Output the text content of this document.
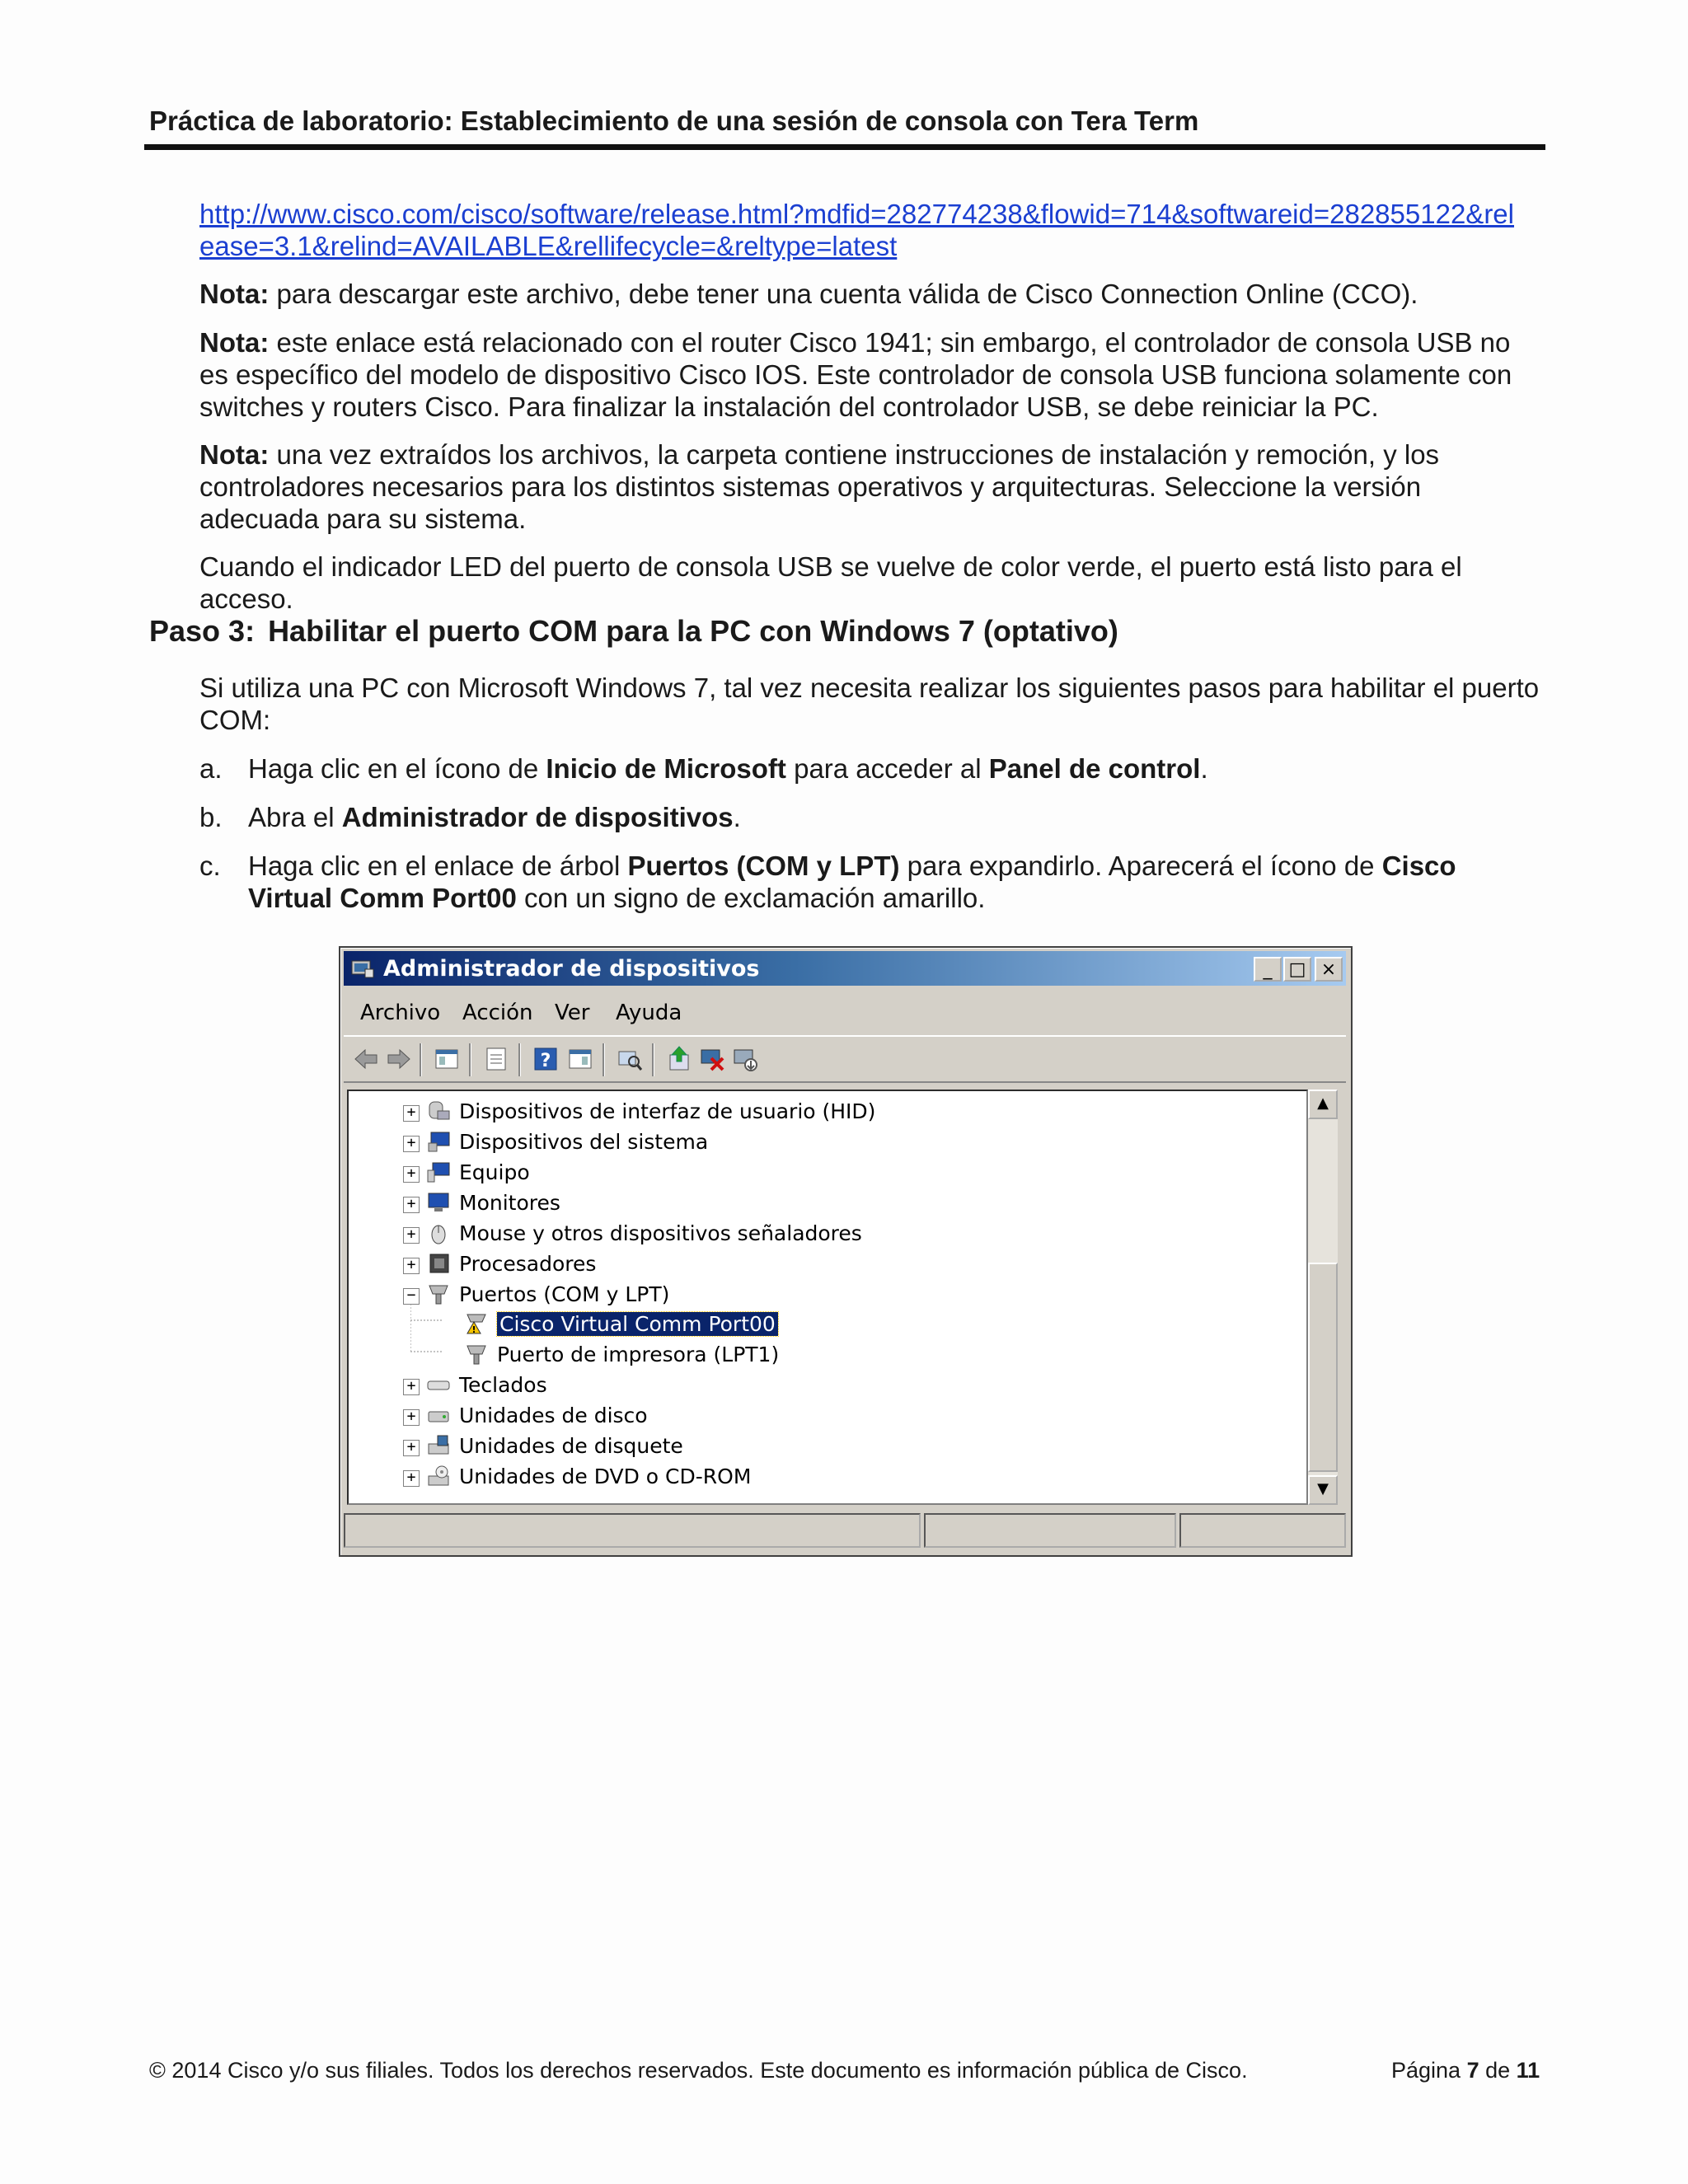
Práctica de laboratorio: Establecimiento de una sesión de consola con Tera Term
http://www.cisco.com/cisco/software/release.html?mdfid=282774238&flowid=714&softwareid=282855122&rel
ease=3.1&relind=AVAILABLE&rellifecycle=&reltype=latest
Nota: para descargar este archivo, debe tener una cuenta válida de Cisco Connection Online (CCO).
Nota: este enlace está relacionado con el router Cisco 1941; sin embargo, el controlador de consola USB no es específico del modelo de dispositivo Cisco IOS. Este controlador de consola USB funciona solamente con switches y routers Cisco. Para finalizar la instalación del controlador USB, se debe reiniciar la PC.
Nota: una vez extraídos los archivos, la carpeta contiene instrucciones de instalación y remoción, y los controladores necesarios para los distintos sistemas operativos y arquitecturas. Seleccione la versión adecuada para su sistema.
Cuando el indicador LED del puerto de consola USB se vuelve de color verde, el puerto está listo para el acceso.
Paso 3: Habilitar el puerto COM para la PC con Windows 7 (optativo)
Si utiliza una PC con Microsoft Windows 7, tal vez necesita realizar los siguientes pasos para habilitar el puerto COM:
a. Haga clic en el ícono de Inicio de Microsoft para acceder al Panel de control.
b. Abra el Administrador de dispositivos.
c. Haga clic en el enlace de árbol Puertos (COM y LPT) para expandirlo. Aparecerá el ícono de Cisco Virtual Comm Port00 con un signo de exclamación amarillo.
Administrador de dispositivos	_ □ ×
Archivo Acción Ver Ayuda
?
+ Dispositivos de interfaz de usuario (HID)
+ Dispositivos del sistema
+ Equipo
+ Monitores
+ Mouse y otros dispositivos señaladores
+ Procesadores
− Puertos (COM y LPT)
! Cisco Virtual Comm Port00
Puerto de impresora (LPT1)
+ Teclados
+ Unidades de disco
+ Unidades de disquete
+ Unidades de DVD o CD-ROM
▲
▼
© 2014 Cisco y/o sus filiales. Todos los derechos reservados. Este documento es información pública de Cisco.	Página 7 de 11
